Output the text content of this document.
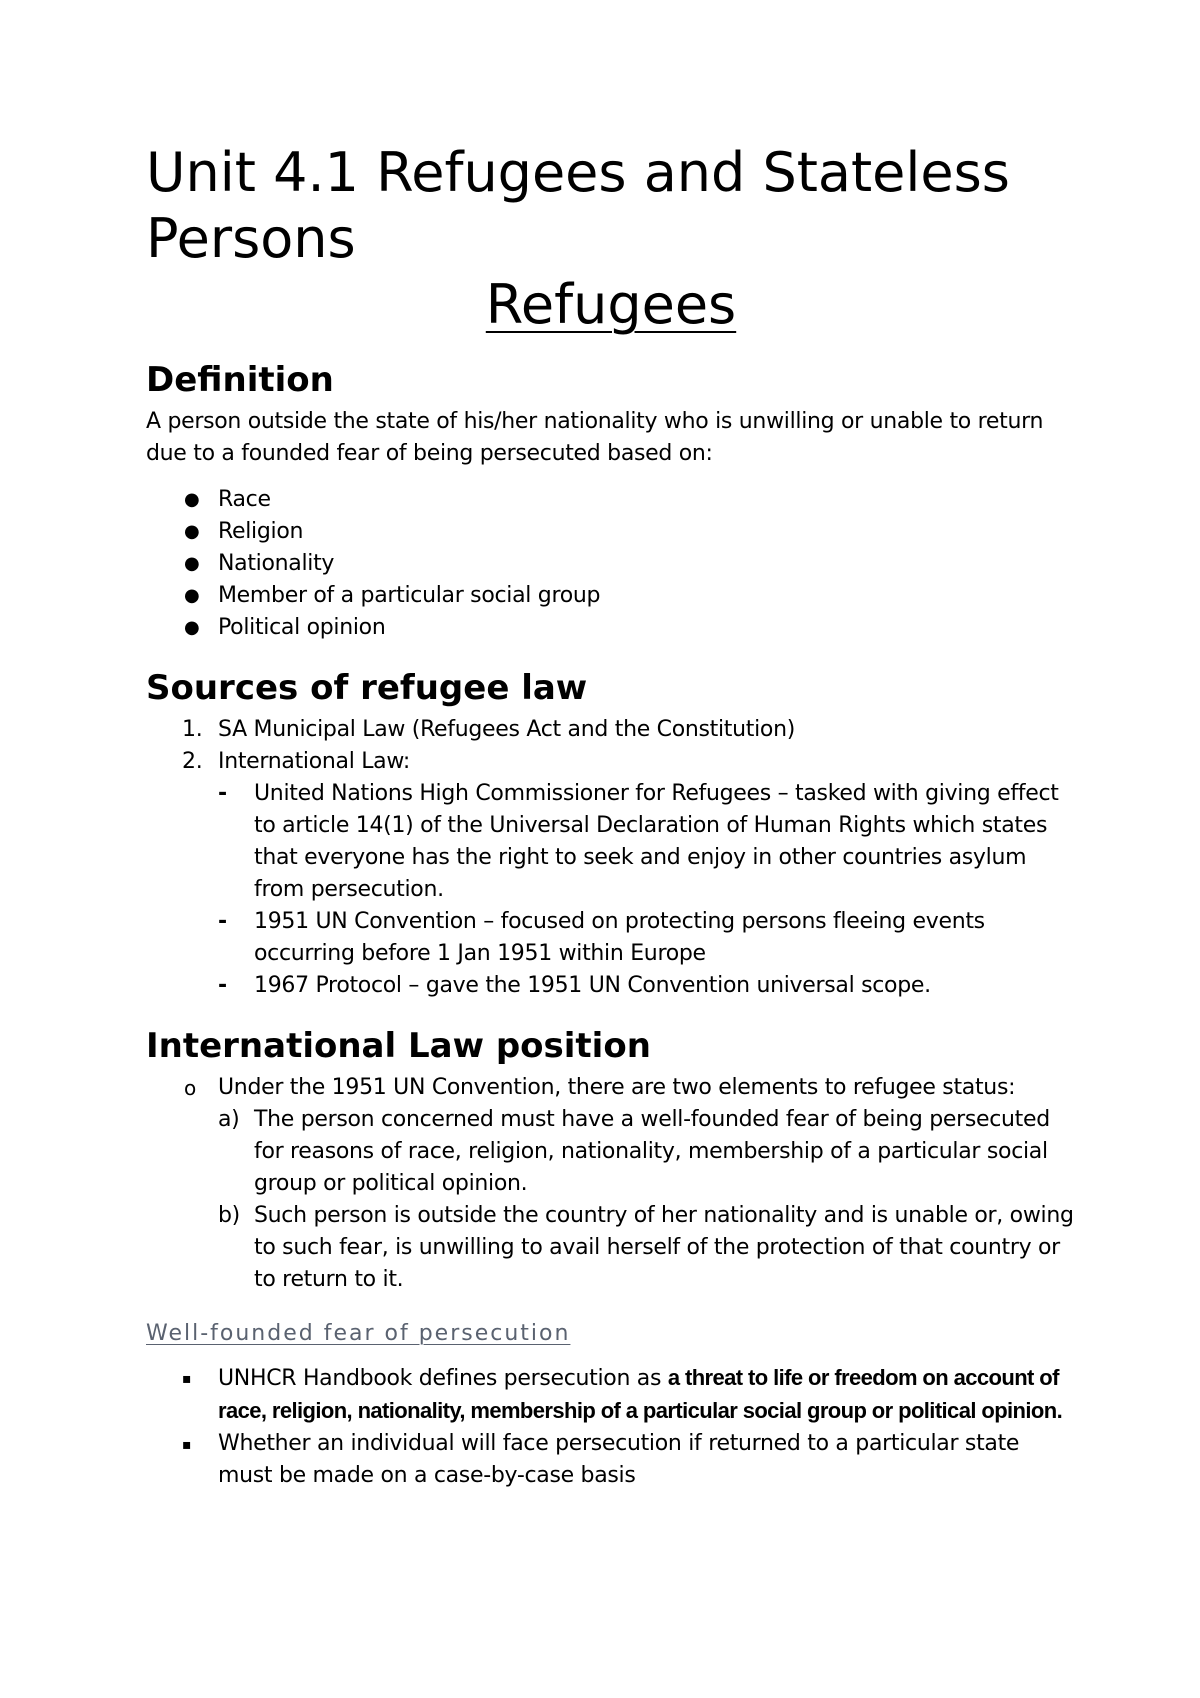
Unit 4.1 Refugees and Stateless Persons
Refugees
Definition

A person outside the state of his/her nationality who is unwilling or unable to return due to a founded fear of being persecuted based on:

● Race
● Religion
● Nationality
● Member of a particular social group
● Political opinion
Sources of refugee law
1. SA Municipal Law (Refugees Act and the Constitution)
2. International Law:
-	United Nations High Commissioner for Refugees – tasked with giving effect to article 14(1) of the Universal Declaration of Human Rights which states that everyone has the right to seek and enjoy in other countries asylum from persecution.
-	1951 UN Convention – focused on protecting persons fleeing events occurring before 1 Jan 1951 within Europe
-	1967 Protocol – gave the 1951 UN Convention universal scope.
International Law position
o	Under the 1951 UN Convention, there are two elements to refugee status:
a) The person concerned must have a well-founded fear of being persecuted for reasons of race, religion, nationality, membership of a particular social group or political opinion.
b) Such person is outside the country of her nationality and is unable or, owing to such fear, is unwilling to avail herself of the protection of that country or to return to it.
Well-founded fear of persecution
▪	UNHCR Handbook defines persecution as a threat to life or freedom on account of race, religion, nationality, membership of a particular social group or political opinion.
▪	Whether an individual will face persecution if returned to a particular state must be made on a case-by-case basis
